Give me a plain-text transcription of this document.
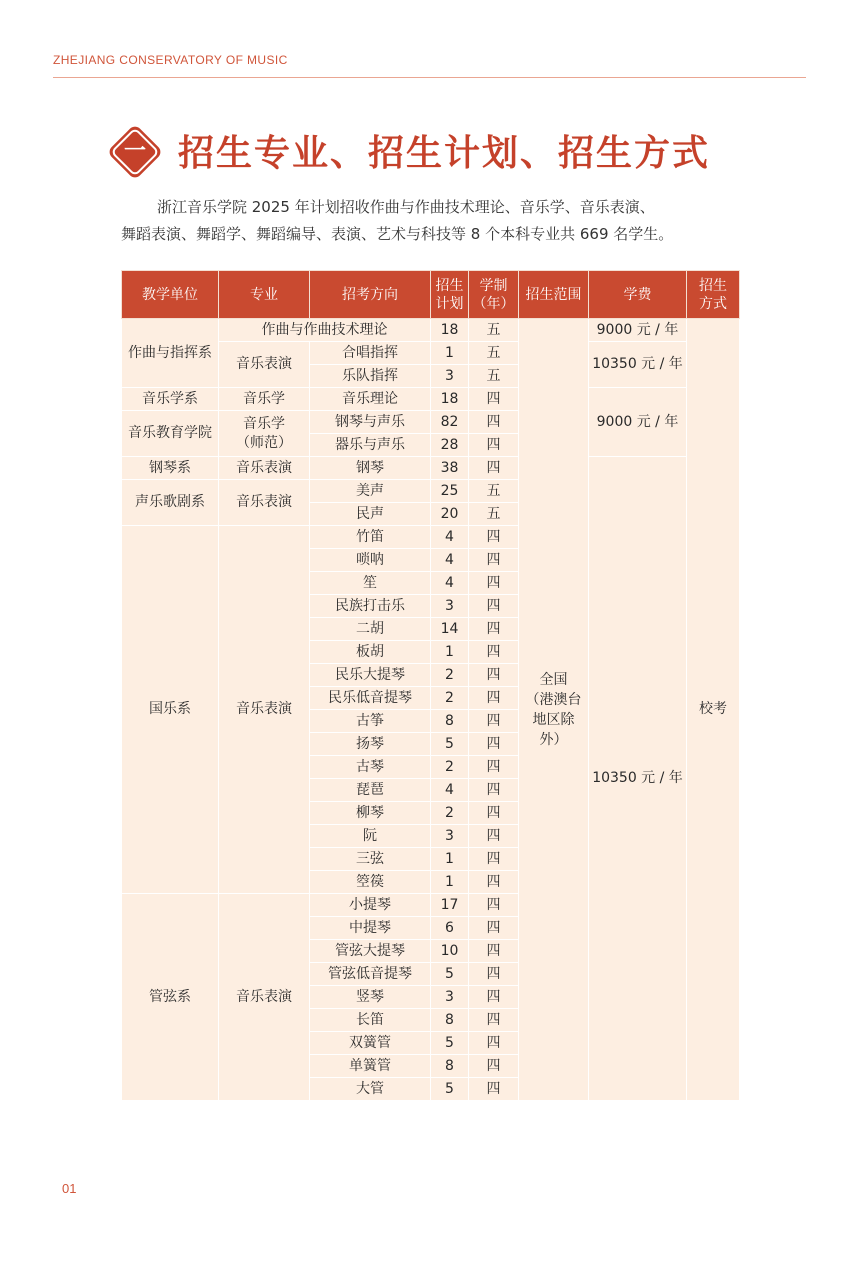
ZHEJIANG CONSERVATORY OF MUSIC
一 招生专业、招生计划、招生方式

浙江音乐学院 2025 年计划招收作曲与作曲技术理论、音乐学、音乐表演、

舞蹈表演、舞蹈学、舞蹈编导、表演、艺术与科技等 8 个本科专业共 669 名学生。

教学单位	专业	招考方向	招生
计划	学制
（年）	招生范围	学费	招生
方式
作曲与指挥系	作曲与作曲技术理论		18	五	全国
（港澳台
地区除
外）	9000 元 / 年	校考
	音乐表演	合唱指挥	1	五		10350 元 / 年	
		乐队指挥	3	五			
音乐学系	音乐学	音乐理论	18	四		9000 元 / 年	
音乐教育学院	音乐学
（师范）	钢琴与声乐	82	四			
		器乐与声乐	28	四			
钢琴系	音乐表演	钢琴	38	四		10350 元 / 年	
声乐歌剧系	音乐表演	美声	25	五			
		民声	20	五			
国乐系	音乐表演	竹笛	4	四			
		唢呐	4	四			
		笙	4	四			
		民族打击乐	3	四			
		二胡	14	四			
		板胡	1	四			
		民乐大提琴	2	四			
		民乐低音提琴	2	四			
		古筝	8	四			
		扬琴	5	四			
		古琴	2	四			
		琵琶	4	四			
		柳琴	2	四			
		阮	3	四			
		三弦	1	四			
		箜篌	1	四			
管弦系	音乐表演	小提琴	17	四			
		中提琴	6	四			
		管弦大提琴	10	四			
		管弦低音提琴	5	四			
		竖琴	3	四			
		长笛	8	四			
		双簧管	5	四			
		单簧管	8	四			
		大管	5	四			
01
